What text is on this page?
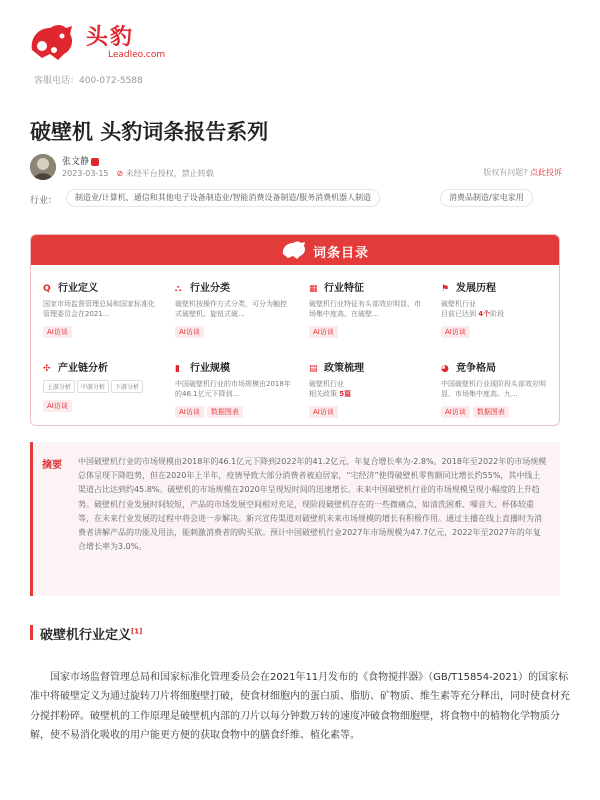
头豹
Leadleo.com
客服电话：400-072-5588
破壁机 头豹词条报告系列
张文静
2023-03-15 ⊘ 未经平台授权，禁止转载	版权有问题? 点此投诉
行业：	制造业/计算机、通信和其他电子设备制造业/智能消费设备制造/服务消费机器人制造	消费品制造/家电家用
词条目录
Q 行业定义
国家市场监督管理总局和国家标准化管理委员会在2021...
AI访谈
⛬ 行业分类
破壁机按操作方式分类，可分为触控式破壁机、旋钮式破...
AI访谈
▦ 行业特征
破壁机行业特征有头部效应明显、市场集中度高、在破壁...
AI访谈
⚑ 发展历程
破壁机行业
目前已达到 4个阶段
AI访谈
✣ 产业链分析
上游分析 中游分析 下游分析
AI访谈
▮ 行业规模
中国破壁机行业的市场规模由2018年的46.1亿元下降到...
AI访谈 数据图表
▤ 政策梳理
破壁机行业
相关政策 5篇
AI访谈
◕ 竞争格局
中国破壁机行业现阶段头部效应明显，市场集中度高。九...
AI访谈 数据图表
摘要 中国破壁机行业的市场规模由2018年的46.1亿元下降到2022年的41.2亿元，年复合增长率为-2.8%。2018年至2022年的市场规模总体呈现下降趋势，但在2020年上半年，疫情导致大部分消费者被迫居家，“宅经济”使得破壁机零售额同比增长约55%，其中线上渠道占比达到约45.8%。破壁机的市场规模在2020年呈现短时间的迅速增长。未来中国破壁机行业的市场规模呈现小幅度的上升趋势。破壁机行业发展时间较短，产品的市场发展空间相对充足，现阶段破壁机存在的一些微痛点，如清洗困难、噪音大、杯体较重等，在未来行业发展的过程中将会进一步解决。新兴宣传渠道对破壁机未来市场规模的增长有积极作用。通过主播在线上直播时为消费者讲解产品的功能及用法，能刺激消费者的购买欲。预计中国破壁机行业2027年市场规模为47.7亿元，2022年至2027年的年复合增长率为3.0%。
破壁机行业定义[1]

国家市场监督管理总局和国家标准化管理委员会在2021年11月发布的《食物搅拌器》（GB/T15854-2021）的国家标准中将破壁定义为通过旋转刀片将细胞壁打破，使食材细胞内的蛋白质、脂肪、矿物质、维生素等充分释出，同时使食材充分搅拌粉碎。破壁机的工作原理是破壁机内部的刀片以每分钟数万转的速度冲破食物细胞壁，将食物中的植物化学物质分解，使不易消化吸收的用户能更方便的获取食物中的膳食纤维、植化素等。
